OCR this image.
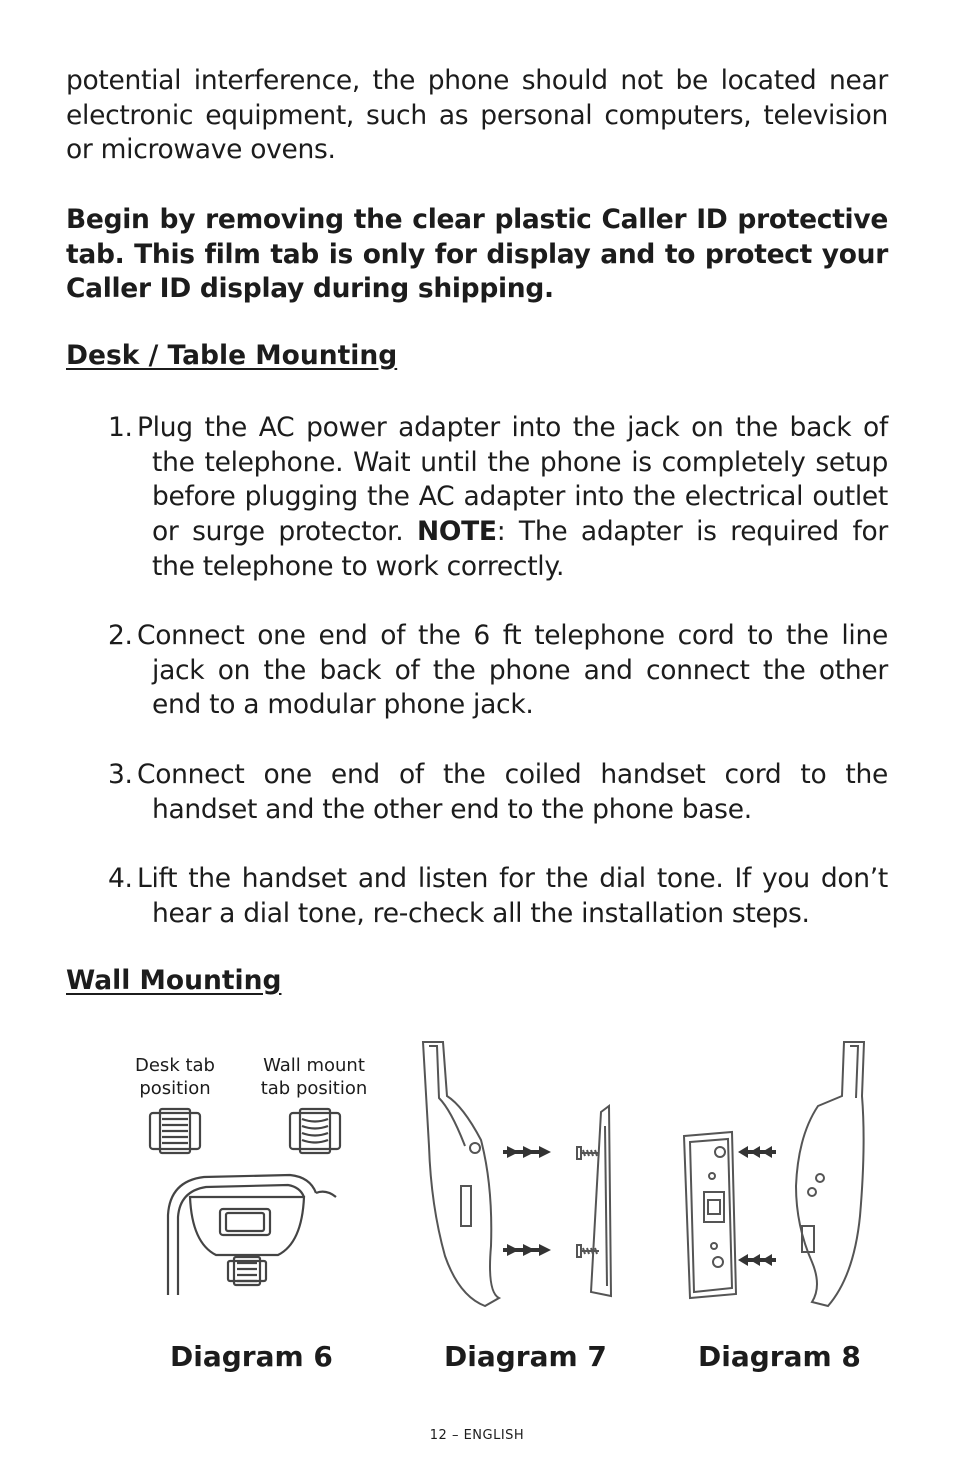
potential interference, the phone should not be located near electronic equipment, such as personal computers, television or microwave ovens.

Begin by removing the clear plastic Caller ID protective tab. This film tab is only for display and to protect your Caller ID display during shipping.

Desk / Table Mounting
1. Plug the AC power adapter into the jack on the back of the telephone. Wait until the phone is completely setup before plugging the AC adapter into the electrical outlet or surge protector. NOTE: The adapter is required for the telephone to work correctly.
2. Connect one end of the 6 ft telephone cord to the line jack on the back of the phone and connect the other end to a modular phone jack.
3. Connect one end of the coiled handset cord to the handset and the other end to the phone base.
4. Lift the handset and listen for the dial tone. If you don’t hear a dial tone, re-check all the installation steps.
Wall Mounting

Desk tab
position

Wall mount
tab position

Diagram 6	Diagram 7	Diagram 8

12 – ENGLISH
